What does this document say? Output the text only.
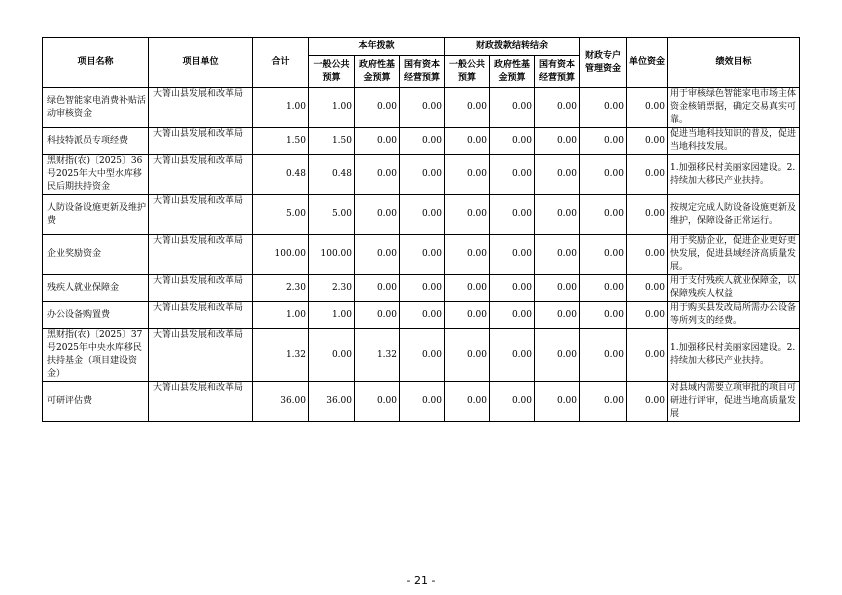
项目名称	项目单位	合计	本年拨款			财政拨款结转结余			财政专户管理资金	单位资金	绩效目标
			一般公共预算	政府性基金预算	国有资本经营预算	一般公共预算	政府性基金预算	国有资本经营预算			
绿色智能家电消费补贴活动审核资金	大箐山县发展和改革局	1.00	1.00	0.00	0.00	0.00	0.00	0.00	0.00	0.00	用于审核绿色智能家电市场主体资金核销票据，确定交易真实可靠。
科技特派员专项经费	大箐山县发展和改革局	1.50	1.50	0.00	0.00	0.00	0.00	0.00	0.00	0.00	促进当地科技知识的普及，促进当地科技发展。
黑财指(农)〔2025〕36号2025年大中型水库移民后期扶持资金	大箐山县发展和改革局	0.48	0.48	0.00	0.00	0.00	0.00	0.00	0.00	0.00	1.加强移民村美丽家园建设。2.持续加大移民产业扶持。
人防设备设施更新及维护费	大箐山县发展和改革局	5.00	5.00	0.00	0.00	0.00	0.00	0.00	0.00	0.00	按规定完成人防设备设施更新及维护，保障设备正常运行。
企业奖励资金	大箐山县发展和改革局	100.00	100.00	0.00	0.00	0.00	0.00	0.00	0.00	0.00	用于奖励企业，促进企业更好更快发展，促进县域经济高质量发展。
残疾人就业保障金	大箐山县发展和改革局	2.30	2.30	0.00	0.00	0.00	0.00	0.00	0.00	0.00	用于支付残疾人就业保障金，以保障残疾人权益
办公设备购置费	大箐山县发展和改革局	1.00	1.00	0.00	0.00	0.00	0.00	0.00	0.00	0.00	用于购买县发改局所需办公设备等所列支的经费。
黑财指(农)〔2025〕37号2025年中央水库移民扶持基金（项目建设资金）	大箐山县发展和改革局	1.32	0.00	1.32	0.00	0.00	0.00	0.00	0.00	0.00	1.加强移民村美丽家园建设。2.持续加大移民产业扶持。
可研评估费	大箐山县发展和改革局	36.00	36.00	0.00	0.00	0.00	0.00	0.00	0.00	0.00	对县域内需要立项审批的项目可研进行评审，促进当地高质量发展
- 21 -
